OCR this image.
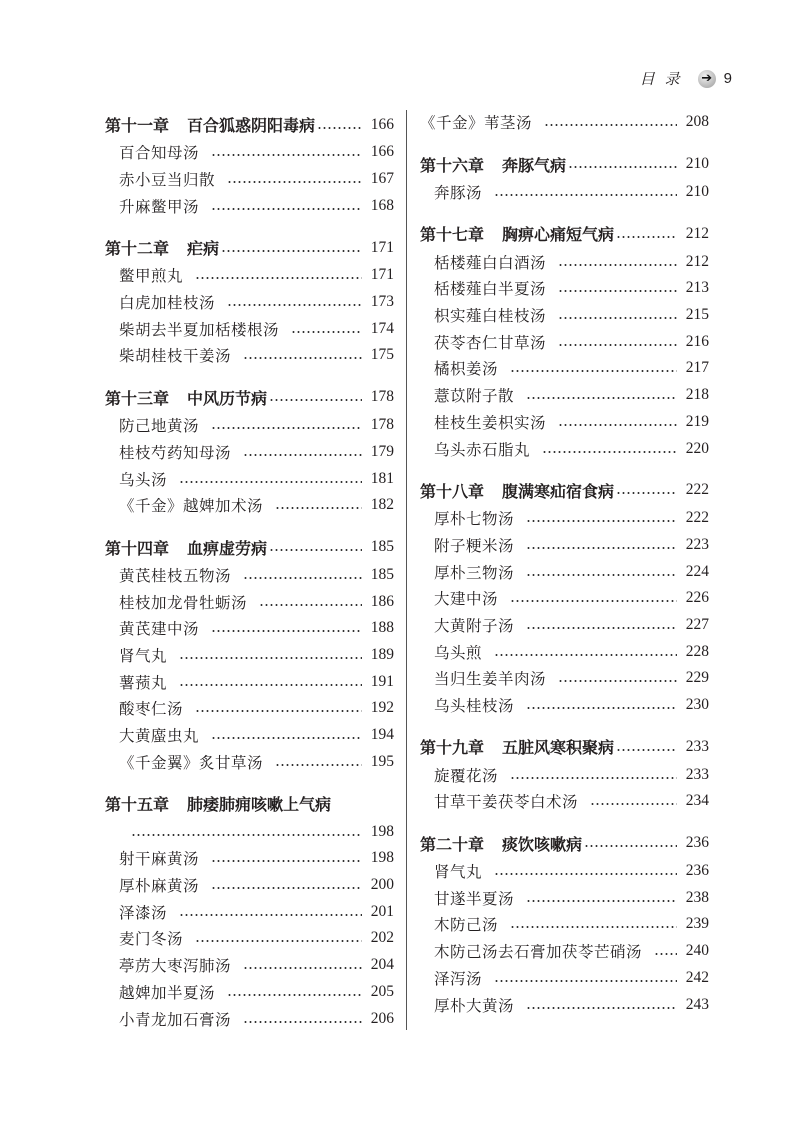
目录 ➔ 9
第十一章 百合狐惑阴阳毒病	166
百合知母汤	166
赤小豆当归散	167
升麻鳖甲汤	168
第十二章 疟病	171
鳖甲煎丸	171
白虎加桂枝汤	173
柴胡去半夏加栝楼根汤	174
柴胡桂枝干姜汤	175
第十三章 中风历节病	178
防己地黄汤	178
桂枝芍药知母汤	179
乌头汤	181
《千金》越婢加术汤	182
第十四章 血痹虚劳病	185
黄芪桂枝五物汤	185
桂枝加龙骨牡蛎汤	186
黄芪建中汤	188
肾气丸	189
薯蓣丸	191
酸枣仁汤	192
大黄䗪虫丸	194
《千金翼》炙甘草汤	195
第十五章 肺痿肺痈咳嗽上气病
198
射干麻黄汤	198
厚朴麻黄汤	200
泽漆汤	201
麦门冬汤	202
葶苈大枣泻肺汤	204
越婢加半夏汤	205
小青龙加石膏汤	206
《千金》苇茎汤	208
第十六章 奔豚气病	210
奔豚汤	210
第十七章 胸痹心痛短气病	212
栝楼薤白白酒汤	212
栝楼薤白半夏汤	213
枳实薤白桂枝汤	215
茯苓杏仁甘草汤	216
橘枳姜汤	217
薏苡附子散	218
桂枝生姜枳实汤	219
乌头赤石脂丸	220
第十八章 腹满寒疝宿食病	222
厚朴七物汤	222
附子粳米汤	223
厚朴三物汤	224
大建中汤	226
大黄附子汤	227
乌头煎	228
当归生姜羊肉汤	229
乌头桂枝汤	230
第十九章 五脏风寒积聚病	233
旋覆花汤	233
甘草干姜茯苓白术汤	234
第二十章 痰饮咳嗽病	236
肾气丸	236
甘遂半夏汤	238
木防己汤	239
木防己汤去石膏加茯苓芒硝汤	240
泽泻汤	242
厚朴大黄汤	243
